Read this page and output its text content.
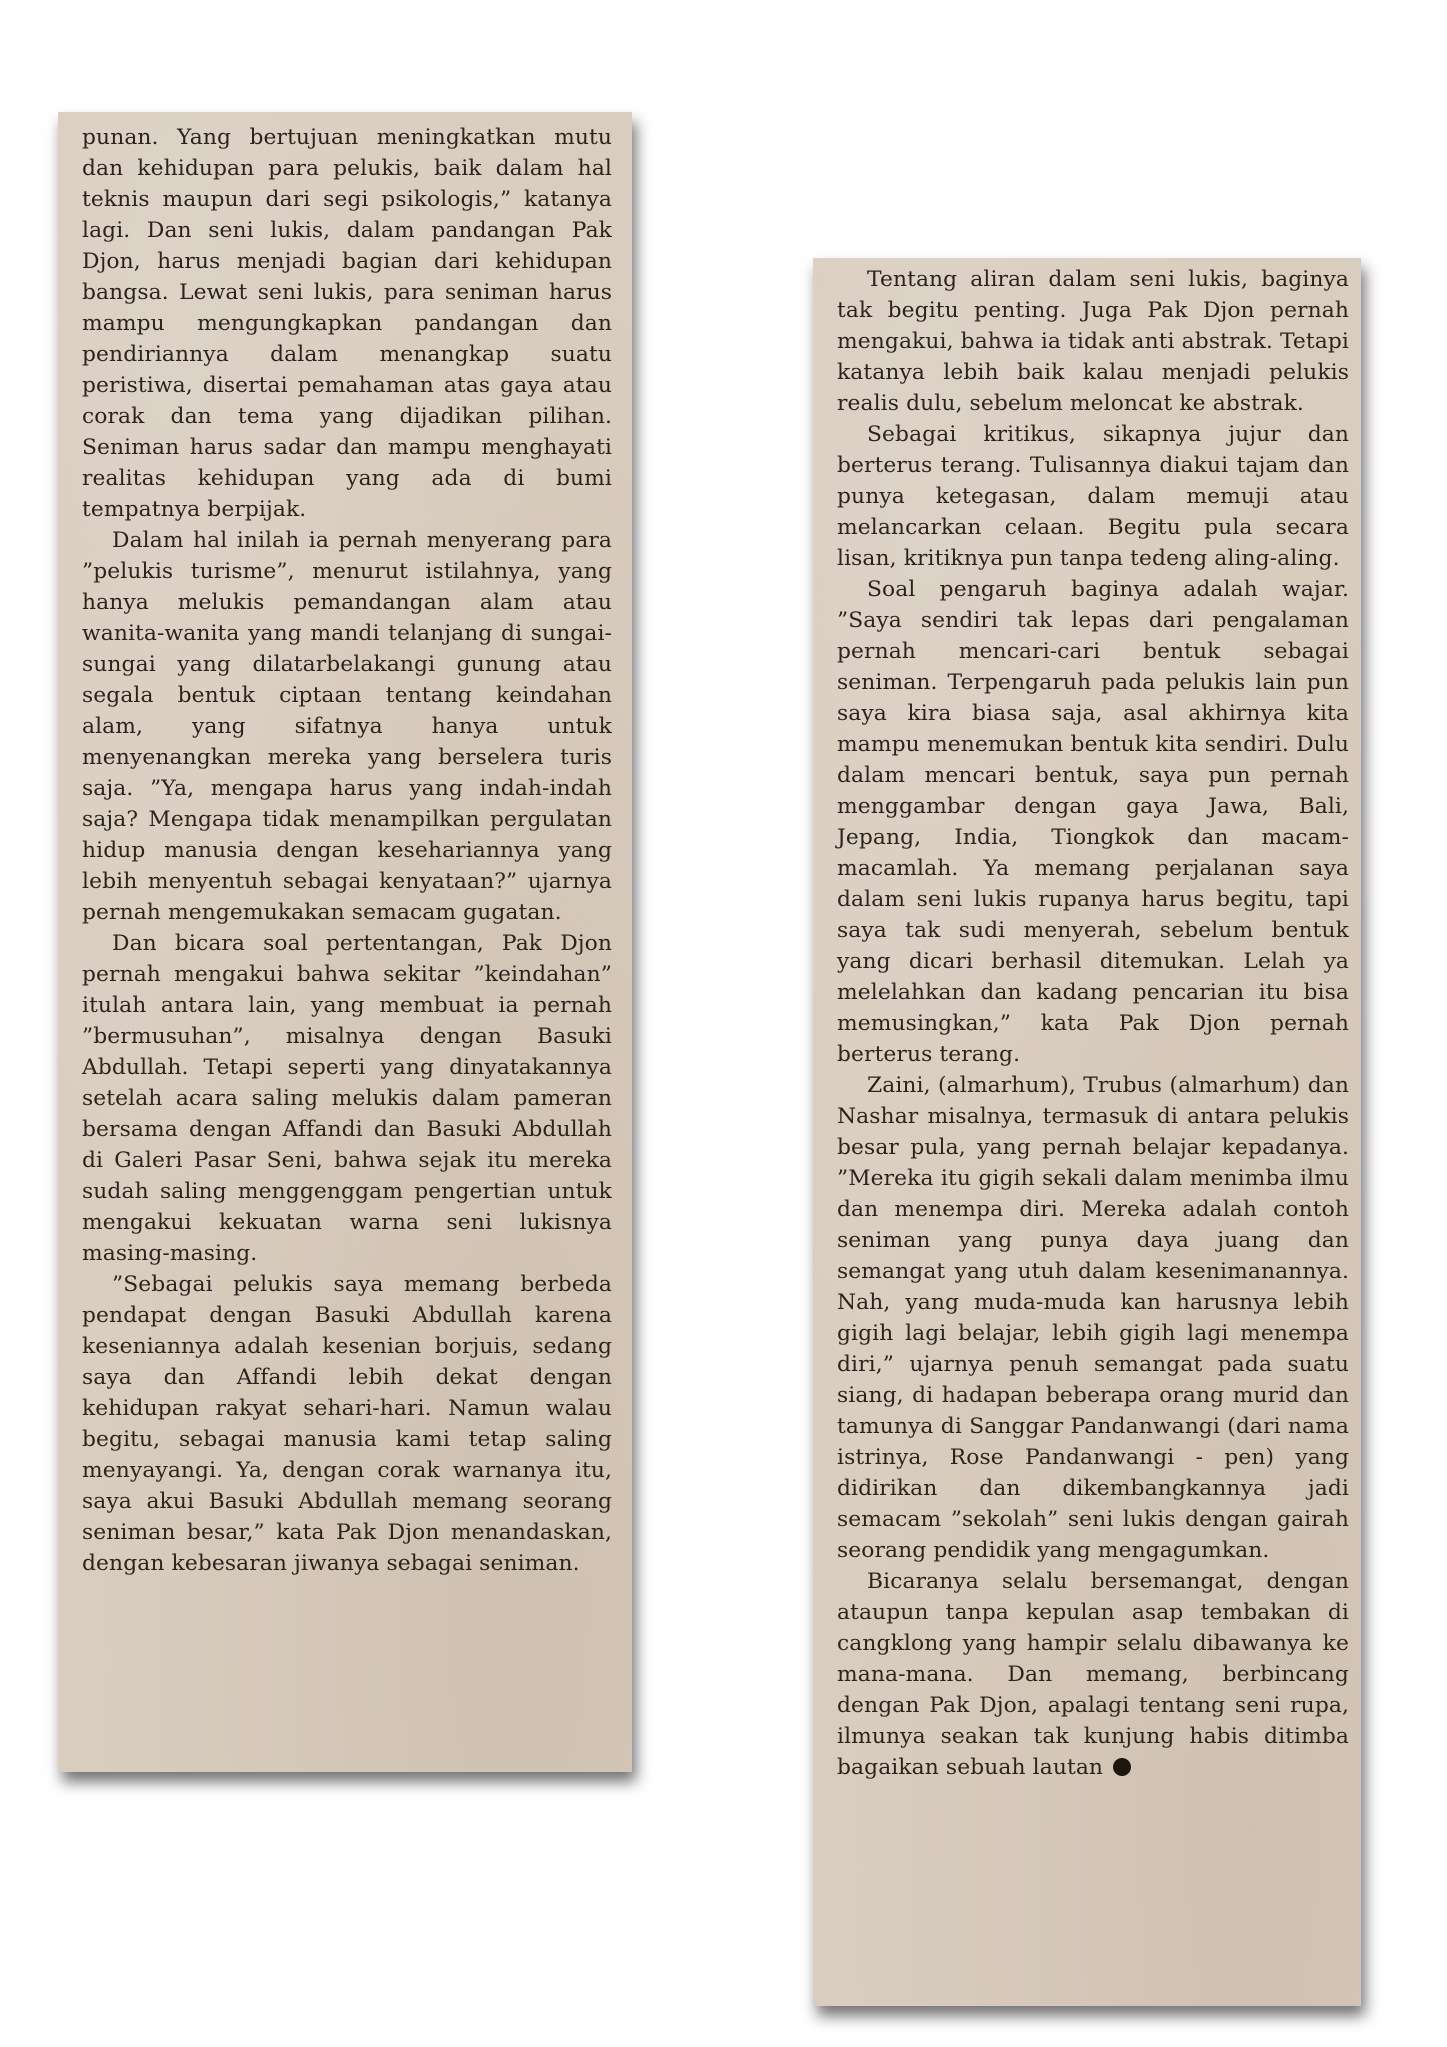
punan. Yang bertujuan meningkatkan mutu dan kehidupan para pelukis, baik dalam hal teknis maupun dari segi psikologis,” katanya lagi. Dan seni lukis, dalam pandangan Pak Djon, harus menjadi bagian dari kehidupan bangsa. Lewat seni lukis, para seniman harus mampu mengungkapkan pandangan dan pendiriannya dalam menangkap suatu peristiwa, disertai pemahaman atas gaya atau corak dan tema yang dijadikan pilihan. Seniman harus sadar dan mampu menghayati realitas kehidupan yang ada di bumi tempatnya berpijak.

Dalam hal inilah ia pernah menyerang para ”pelukis turisme”, menurut istilahnya, yang hanya melukis pemandangan alam atau wanita-wanita yang mandi telanjang di sungai-sungai yang dilatarbelakangi gunung atau segala bentuk ciptaan tentang keindahan alam, yang sifatnya hanya untuk menyenangkan mereka yang berselera turis saja. ”Ya, mengapa harus yang indah-indah saja? Mengapa tidak menampilkan pergulatan hidup manusia dengan kesehariannya yang lebih menyentuh sebagai kenyataan?” ujarnya pernah mengemukakan semacam gugatan.

Dan bicara soal pertentangan, Pak Djon pernah mengakui bahwa sekitar ”keindahan” itulah antara lain, yang membuat ia pernah ”bermusuhan”, misalnya dengan Basuki Abdullah. Tetapi seperti yang dinyatakannya setelah acara saling melukis dalam pameran bersama dengan Affandi dan Basuki Abdullah di Galeri Pasar Seni, bahwa sejak itu mereka sudah saling menggenggam pengertian untuk mengakui kekuatan warna seni lukisnya masing-masing.

”Sebagai pelukis saya memang berbeda pendapat dengan Basuki Abdullah karena keseniannya adalah kesenian borjuis, sedang saya dan Affandi lebih dekat dengan kehidupan rakyat sehari-hari. Namun walau begitu, sebagai manusia kami tetap saling menyayangi. Ya, dengan corak warnanya itu, saya akui Basuki Abdullah memang seorang seniman besar,” kata Pak Djon menandaskan, dengan kebesaran jiwanya sebagai seniman.

Tentang aliran dalam seni lukis, baginya tak begitu penting. Juga Pak Djon pernah mengakui, bahwa ia tidak anti abstrak. Tetapi katanya lebih baik kalau menjadi pelukis realis dulu, sebelum meloncat ke abstrak.

Sebagai kritikus, sikapnya jujur dan berterus terang. Tulisannya diakui tajam dan punya ketegasan, dalam memuji atau melancarkan celaan. Begitu pula secara lisan, kritiknya pun tanpa tedeng aling-aling.

Soal pengaruh baginya adalah wajar. ”Saya sendiri tak lepas dari pengalaman pernah mencari-cari bentuk sebagai seniman. Terpengaruh pada pelukis lain pun saya kira biasa saja, asal akhirnya kita mampu menemukan bentuk kita sendiri. Dulu dalam mencari bentuk, saya pun pernah menggambar dengan gaya Jawa, Bali, Jepang, India, Tiongkok dan macam-macamlah. Ya memang perjalanan saya dalam seni lukis rupanya harus begitu, tapi saya tak sudi menyerah, sebelum bentuk yang dicari berhasil ditemukan. Lelah ya melelahkan dan kadang pencarian itu bisa memusingkan,” kata Pak Djon pernah berterus terang.

Zaini, (almarhum), Trubus (almarhum) dan Nashar misalnya, termasuk di antara pelukis besar pula, yang pernah belajar kepadanya. ”Mereka itu gigih sekali dalam menimba ilmu dan menempa diri. Mereka adalah contoh seniman yang punya daya juang dan semangat yang utuh dalam kesenimanannya. Nah, yang muda-muda kan harusnya lebih gigih lagi belajar, lebih gigih lagi menempa diri,” ujarnya penuh semangat pada suatu siang, di hadapan beberapa orang murid dan tamunya di Sanggar Pandanwangi (dari nama istrinya, Rose Pandanwangi - pen) yang didirikan dan dikembangkannya jadi semacam ”sekolah” seni lukis dengan gairah seorang pendidik yang mengagumkan.

Bicaranya selalu bersemangat, dengan ataupun tanpa kepulan asap tembakan di cangklong yang hampir selalu dibawanya ke mana-mana. Dan memang, berbincang dengan Pak Djon, apalagi tentang seni rupa, ilmunya seakan tak kunjung habis ditimba bagaikan sebuah lautan
